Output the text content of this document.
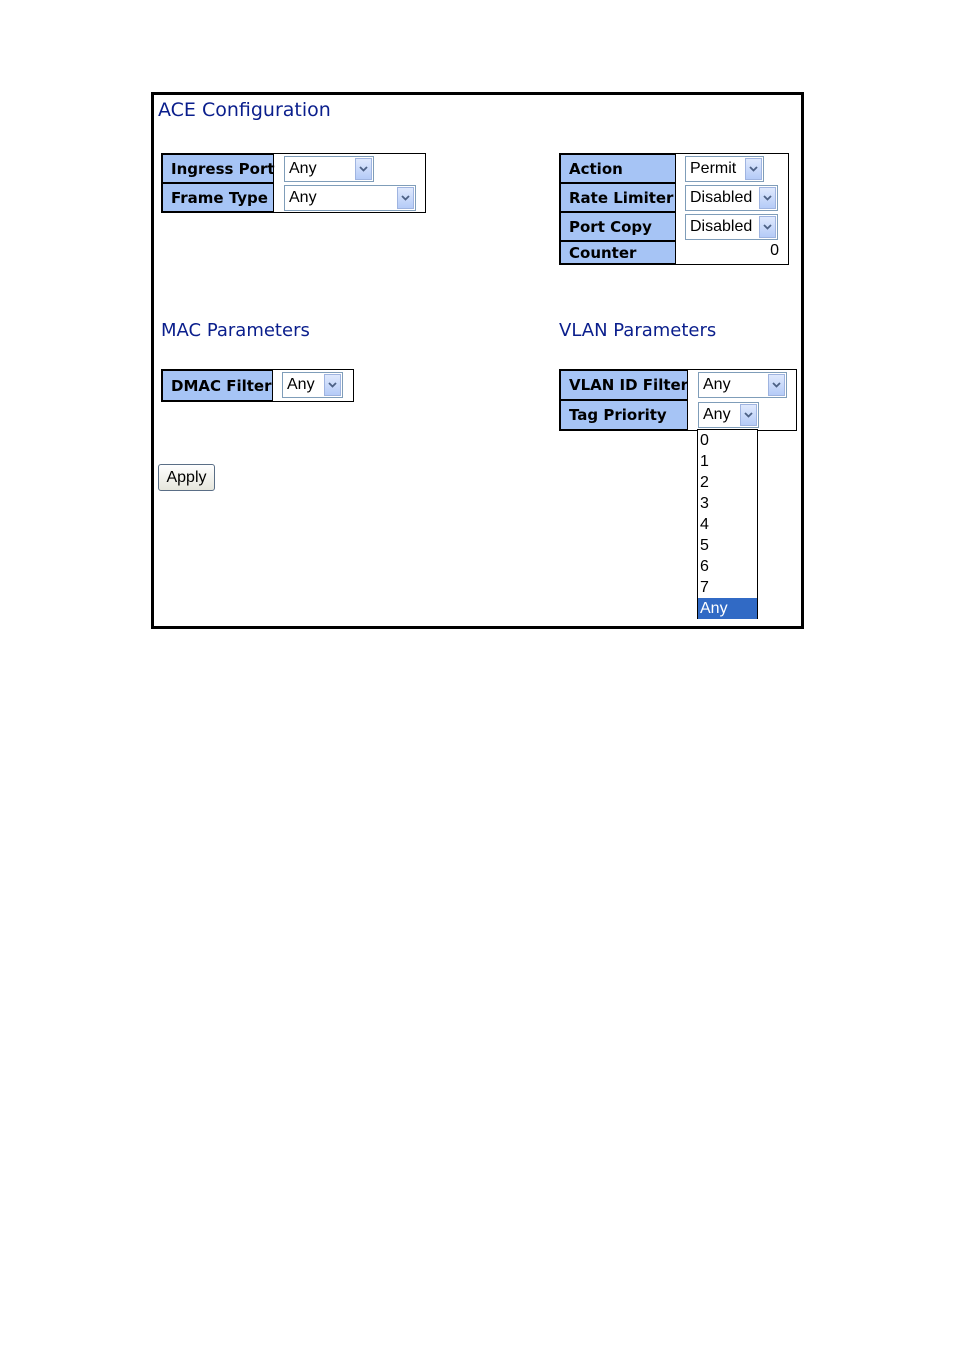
ACE Configuration
Ingress Port Any
Frame Type	Any
Action	Permit
Rate Limiter Disabled
Port Copy	Disabled
Counter	0
MAC Parameters
DMAC Filter Any
VLAN Parameters
VLAN ID Filter Any
Tag Priority	Any
0
1
2
3
4
5
6
7
Any
Apply
